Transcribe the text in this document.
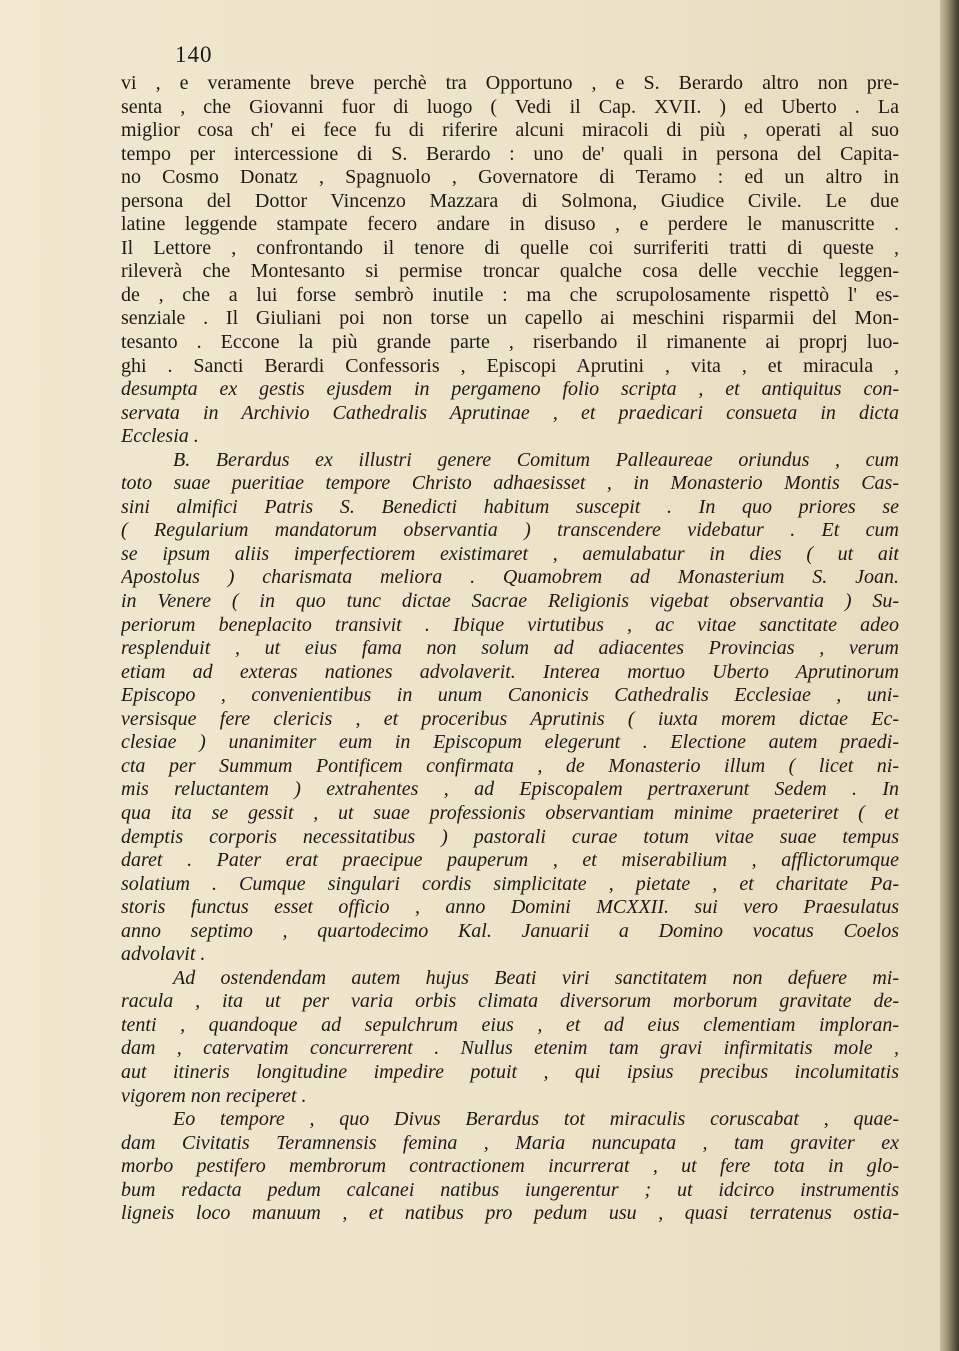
140
vi , e veramente breve perchè tra Opportuno , e S. Berardo altro non pre-
senta , che Giovanni fuor di luogo ( Vedi il Cap. XVII. ) ed Uberto . La
miglior cosa ch' ei fece fu di riferire alcuni miracoli di più , operati al suo
tempo per intercessione di S. Berardo : uno de' quali in persona del Capita-
no Cosmo Donatz , Spagnuolo , Governatore di Teramo : ed un altro in
persona del Dottor Vincenzo Mazzara di Solmona, Giudice Civile. Le due
latine leggende stampate fecero andare in disuso , e perdere le manuscritte .
Il Lettore , confrontando il tenore di quelle coi surriferiti tratti di queste ,
rileverà che Montesanto si permise troncar qualche cosa delle vecchie leggen-
de , che a lui forse sembrò inutile : ma che scrupolosamente rispettò l' es-
senziale . Il Giuliani poi non torse un capello ai meschini risparmii del Mon-
tesanto . Eccone la più grande parte , riserbando il rimanente ai proprj luo-
ghi . Sancti Berardi Confessoris , Episcopi Aprutini , vita , et miracula ,
desumpta ex gestis ejusdem in pergameno folio scripta , et antiquitus con-
servata in Archivio Cathedralis Aprutinae , et praedicari consueta in dicta
Ecclesia .
B. Berardus ex illustri genere Comitum Palleaureae oriundus , cum
toto suae pueritiae tempore Christo adhaesisset , in Monasterio Montis Cas-
sini almifici Patris S. Benedicti habitum suscepit . In quo priores se
( Regularium mandatorum observantia ) transcendere videbatur . Et cum
se ipsum aliis imperfectiorem existimaret , aemulabatur in dies ( ut ait
Apostolus ) charismata meliora . Quamobrem ad Monasterium S. Joan.
in Venere ( in quo tunc dictae Sacrae Religionis vigebat observantia ) Su-
periorum beneplacito transivit . Ibique virtutibus , ac vitae sanctitate adeo
resplenduit , ut eius fama non solum ad adiacentes Provincias , verum
etiam ad exteras nationes advolaverit. Interea mortuo Uberto Aprutinorum
Episcopo , convenientibus in unum Canonicis Cathedralis Ecclesiae , uni-
versisque fere clericis , et proceribus Aprutinis ( iuxta morem dictae Ec-
clesiae ) unanimiter eum in Episcopum elegerunt . Electione autem praedi-
cta per Summum Pontificem confirmata , de Monasterio illum ( licet ni-
mis reluctantem ) extrahentes , ad Episcopalem pertraxerunt Sedem . In
qua ita se gessit , ut suae professionis observantiam minime praeteriret ( et
demptis corporis necessitatibus ) pastorali curae totum vitae suae tempus
daret . Pater erat praecipue pauperum , et miserabilium , afflictorumque
solatium . Cumque singulari cordis simplicitate , pietate , et charitate Pa-
storis functus esset officio , anno Domini MCXXII. sui vero Praesulatus
anno septimo , quartodecimo Kal. Januarii a Domino vocatus Coelos
advolavit .
Ad ostendendam autem hujus Beati viri sanctitatem non defuere mi-
racula , ita ut per varia orbis climata diversorum morborum gravitate de-
tenti , quandoque ad sepulchrum eius , et ad eius clementiam imploran-
dam , catervatim concurrerent . Nullus etenim tam gravi infirmitatis mole ,
aut itineris longitudine impedire potuit , qui ipsius precibus incolumitatis
vigorem non reciperet .
Eo tempore , quo Divus Berardus tot miraculis coruscabat , quae-
dam Civitatis Teramnensis femina , Maria nuncupata , tam graviter ex
morbo pestifero membrorum contractionem incurrerat , ut fere tota in glo-
bum redacta pedum calcanei natibus iungerentur ; ut idcirco instrumentis
ligneis loco manuum , et natibus pro pedum usu , quasi terratenus ostia-
